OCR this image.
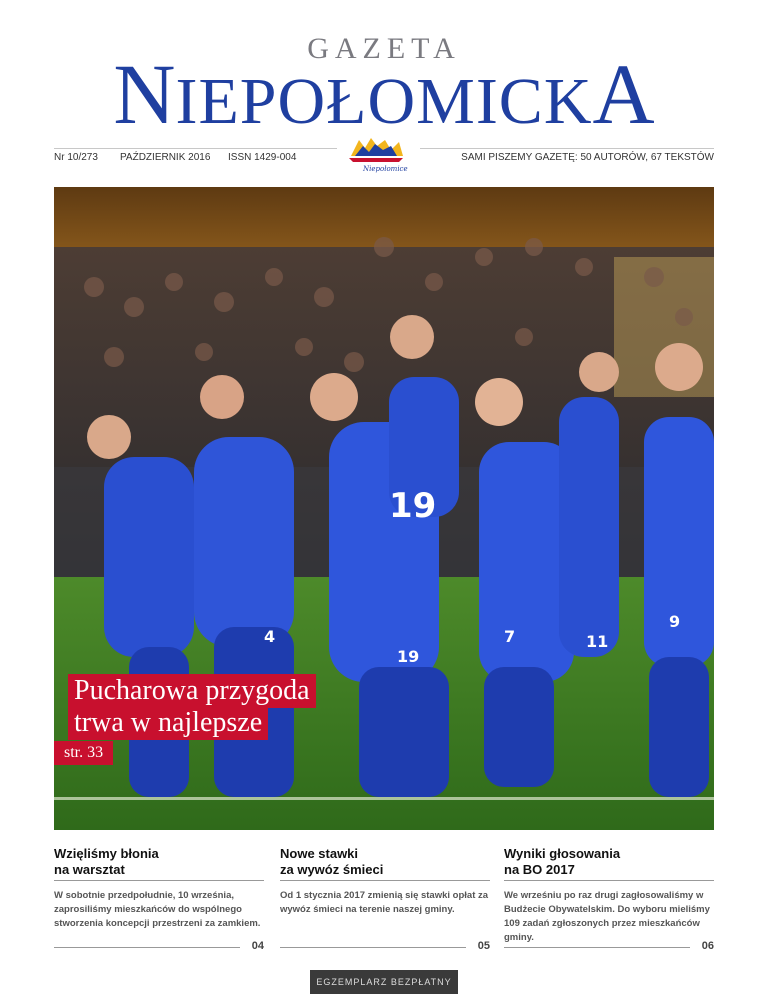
GAZETA
NIEPOŁOMICKA
Nr 10/273 PAŹDZIERNIK 2016 ISSN 1429-004	SAMI PISZEMY GAZETĘ: 50 AUTORÓW, 67 TEKSTÓW
Niepołomice
19
4
19
7	11
9
Pucharowa przygoda
trwa w najlepsze
str. 33
Wzięliśmy błonia
na warsztat

W sobotnie przedpołudnie, 10 września, zaprosiliśmy mieszkańców do wspólnego stworzenia koncepcji przestrzeni za zamkiem.

04
Nowe stawki
za wywóz śmieci

Od 1 stycznia 2017 zmienią się stawki opłat za wywóz śmieci na terenie naszej gminy.

05
Wyniki głosowania
na BO 2017

We wrześniu po raz drugi zagłosowaliśmy w Budżecie Obywatelskim. Do wyboru mieliśmy 109 zadań zgłoszonych przez mieszkańców gminy.

06
EGZEMPLARZ BEZPŁATNY
